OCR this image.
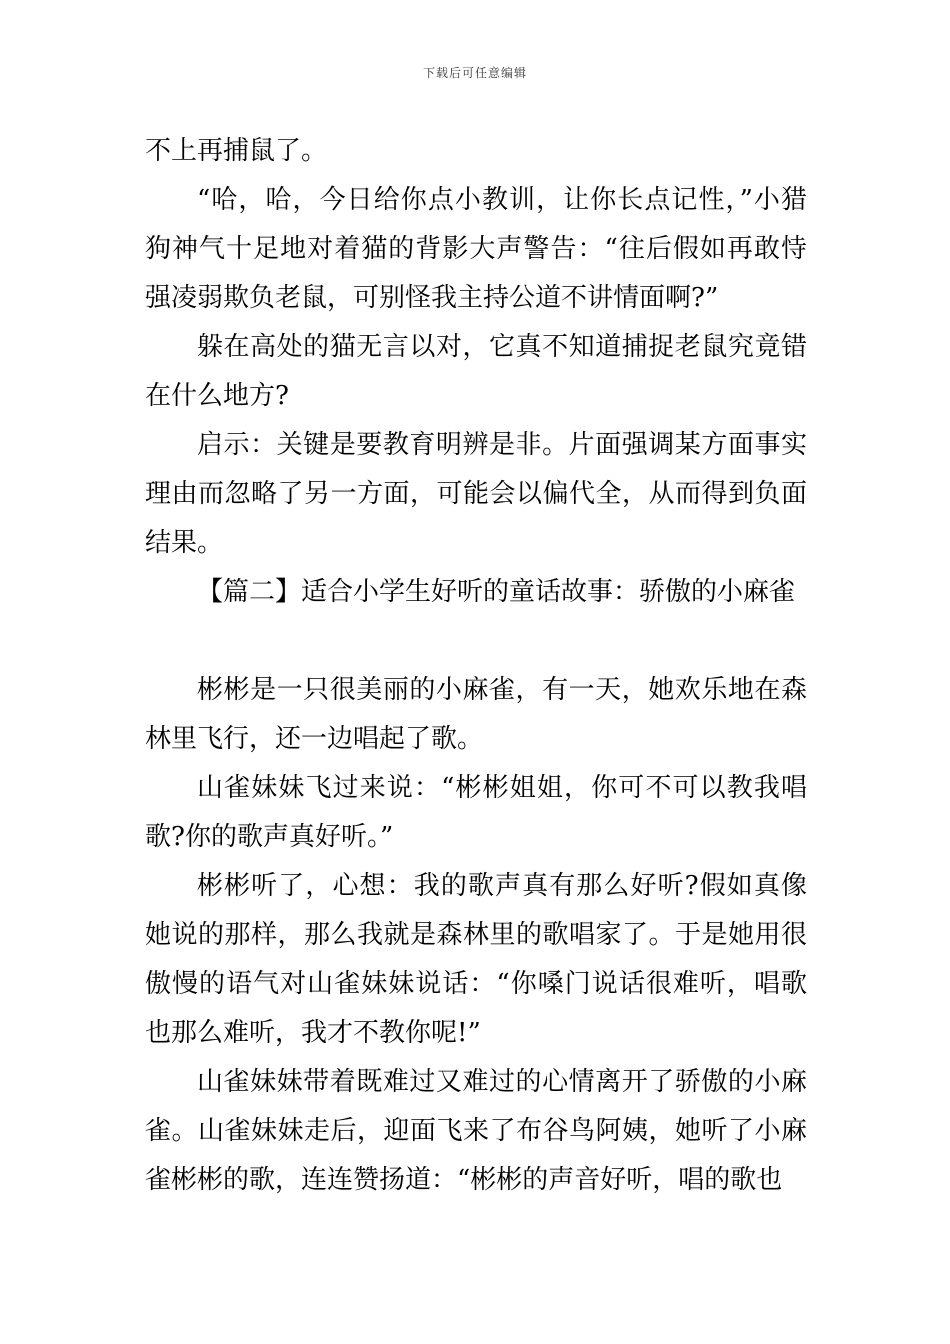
下载后可任意编辑

不上再捕鼠了。

“哈，哈，今日给你点小教训，让你长点记性，”小猎狗神气十足地对着猫的背影大声警告：“往后假如再敢恃强凌弱欺负老鼠，可别怪我主持公道不讲情面啊?”

躲在高处的猫无言以对，它真不知道捕捉老鼠究竟错在什么地方?

启示：关键是要教育明辨是非。片面强调某方面事实理由而忽略了另一方面，可能会以偏代全，从而得到负面结果。

【篇二】适合小学生好听的童话故事：骄傲的小麻雀

彬彬是一只很美丽的小麻雀，有一天，她欢乐地在森林里飞行，还一边唱起了歌。

山雀妹妹飞过来说：“彬彬姐姐，你可不可以教我唱歌?你的歌声真好听。”

彬彬听了，心想：我的歌声真有那么好听?假如真像她说的那样，那么我就是森林里的歌唱家了。于是她用很傲慢的语气对山雀妹妹说话：“你嗓门说话很难听，唱歌也那么难听，我才不教你呢!”

山雀妹妹带着既难过又难过的心情离开了骄傲的小麻雀。山雀妹妹走后，迎面飞来了布谷鸟阿姨，她听了小麻雀彬彬的歌，连连赞扬道：“彬彬的声音好听，唱的歌也
